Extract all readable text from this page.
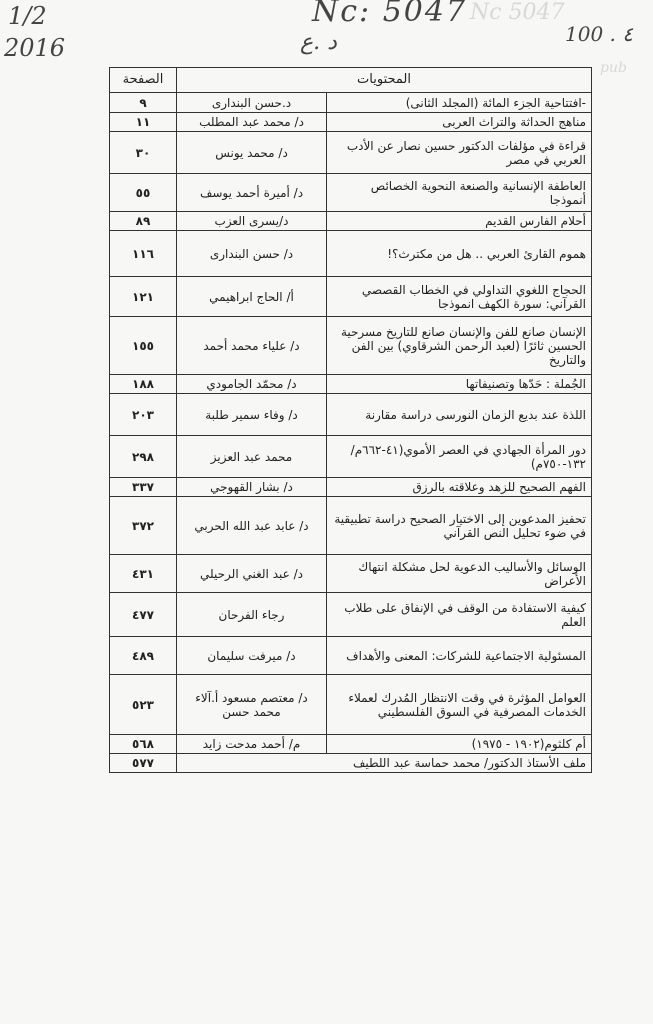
Nc 5047
pub
1/2
2016
Nc: 5047
د .ع	100 . ٤
المحتويات		الصفحة
-افتتاحية الجزء المائة (المجلد الثانى)	د.حسن البندارى	٩
مناهج الحداثة والتراث العربى	د/ محمد عبد المطلب	١١
قراءة في مؤلفات الدكتور حسين نصار عن الأدب العربي في مصر	د/ محمد يونس	٣٠
العاطفة الإنسانية والصنعة النحوية الخصائص أنموذجا	د/ أميرة أحمد يوسف	٥٥
أحلام الفارس القديم	د/يسرى العزب	٨٩
هموم القارئ العربي .. هل من مكترث؟!	د/ حسن البندارى	١١٦
الحجاج اللغوي التداولي في الخطاب القصصي القرآني: سورة الكهف انموذجا	أ/ الحاج ابراهيمي	١٢١
الإنسان صانع للفن والإنسان صانع للتاريخ مسرحية الحسين ثائرًا (لعبد الرحمن الشرقاوي) بين الفن والتاريخ	د/ علياء محمد أحمد	١٥٥
الجُملة : حَدّها وتصنيفاتها	د/ محمّد الجامودي	١٨٨
اللذة عند بديع الزمان النورسى دراسة مقارنة	د/ وفاء سمير طلبة	٢٠٣
دور المرأة الجهادي في العصر الأموي(٤١-٦٦٢م/١٣٢-٧٥٠م)	محمد عبد العزيز	٢٩٨
الفهم الصحيح للزهد وعلاقته بالرزق	د/ بشار القهوجي	٣٣٧
تحفيز المدعوين إلى الاختيار الصحيح دراسة تطبيقية في ضوء تحليل النص القرآني	د/ عابد عبد الله الحربي	٣٧٢
الوسائل والأساليب الدعوية لحل مشكلة انتهاك الأعراض	د/ عبد الغني الرحيلي	٤٣١
كيفية الاستفادة من الوقف في الإنفاق على طلاب العلم	رجاء الفرحان	٤٧٧
المسئولية الاجتماعية للشركات: المعنى والأهداف	د/ ميرفت سليمان	٤٨٩
العوامل المؤثرة في وقت الانتظار المُدرك لعملاء الخدمات المصرفية في السوق الفلسطيني	د/ معتصم مسعود أ.آلاء محمد حسن	٥٢٣
أم كلثوم(١٩٠٢ - ١٩٧٥)	م/ أحمد مدحت زايد	٥٦٨
ملف الأستاذ الدكتور/ محمد حماسة عبد اللطيف		٥٧٧
